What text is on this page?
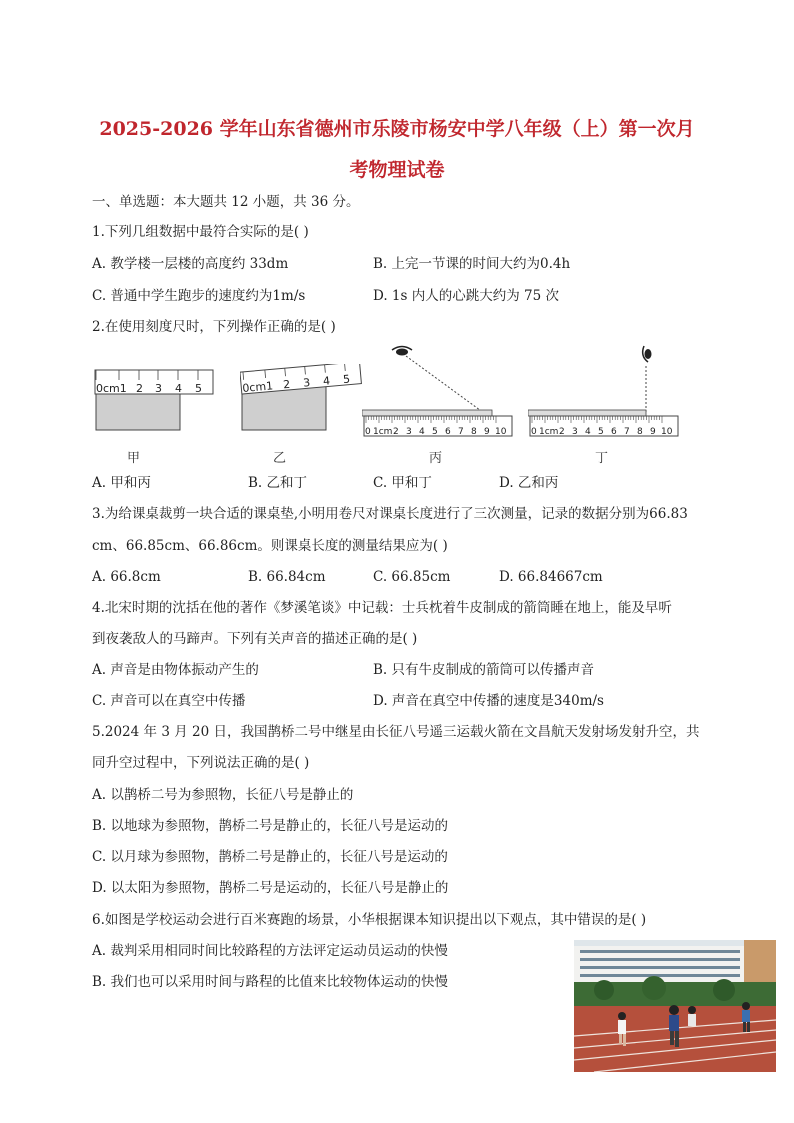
2025-2026 学年山东省德州市乐陵市杨安中学八年级（上）第一次月
考物理试卷
一、单选题：本大题共 12 小题，共 36 分。
1.下列几组数据中最符合实际的是( )
A. 教学楼一层楼的高度约 33dm	B. 上完一节课的时间大约为0.4h
C. 普通中学生跑步的速度约为1m/s	D. 1s 内人的心跳大约为 75 次
2.在使用刻度尺时，下列操作正确的是( )
0cm1 2 3 4 5	0cm1 2 3 4 5
0 1cm 2 3 4 5 6 7 8 9 10	0 1cm 2 3 4 5 6 7 8 9 10
甲	乙	丙	丁
A. 甲和丙	B. 乙和丁	C. 甲和丁	D. 乙和丙
3.为给课桌裁剪一块合适的课桌垫,小明用卷尺对课桌长度进行了三次测量，记录的数据分别为66.83
cm、66.85cm、66.86cm。则课桌长度的测量结果应为( )
A. 66.8cm	B. 66.84cm	C. 66.85cm	D. 66.84667cm
4.北宋时期的沈括在他的著作《梦溪笔谈》中记载：士兵枕着牛皮制成的箭筒睡在地上，能及早听
到夜袭敌人的马蹄声。下列有关声音的描述正确的是( )
A. 声音是由物体振动产生的	B. 只有牛皮制成的箭筒可以传播声音
C. 声音可以在真空中传播	D. 声音在真空中传播的速度是340m/s
5.2024 年 3 月 20 日，我国鹊桥二号中继星由长征八号遥三运载火箭在文昌航天发射场发射升空，共
同升空过程中，下列说法正确的是( )
A. 以鹊桥二号为参照物，长征八号是静止的
B. 以地球为参照物，鹊桥二号是静止的，长征八号是运动的
C. 以月球为参照物，鹊桥二号是静止的，长征八号是运动的
D. 以太阳为参照物，鹊桥二号是运动的，长征八号是静止的
6.如图是学校运动会进行百米赛跑的场景，小华根据课本知识提出以下观点，其中错误的是( )
A. 裁判采用相同时间比较路程的方法评定运动员运动的快慢
B. 我们也可以采用时间与路程的比值来比较物体运动的快慢
